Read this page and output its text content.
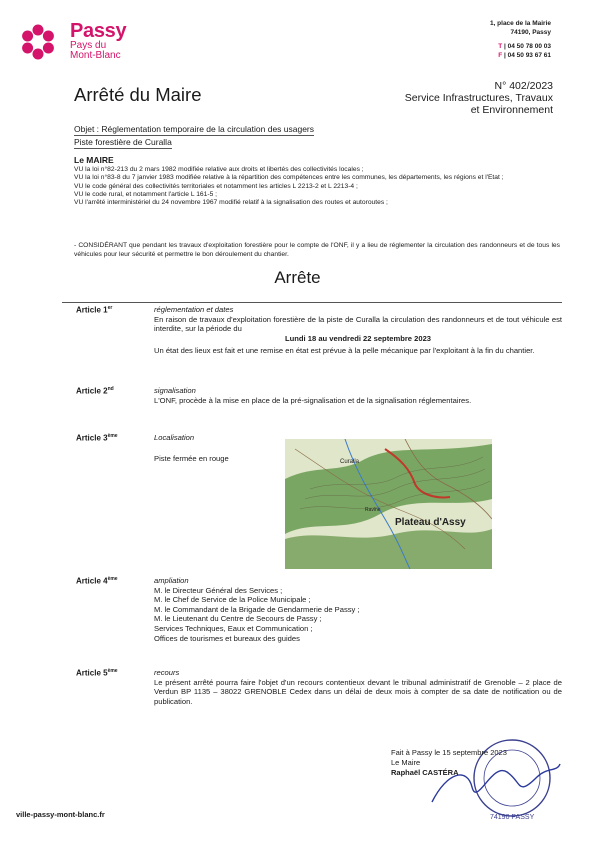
Passy
Pays du
Mont-Blanc
1, place de la Mairie
74190, Passy
T | 04 50 78 00 03
F | 04 50 93 67 61
Arrêté du Maire	N° 402/2023
Service Infrastructures, Travaux
et Environnement
Objet : Réglementation temporaire de la circulation des usagers
Piste forestière de Curalla
Le MAIRE
VU la loi n°82-213 du 2 mars 1982 modifiée relative aux droits et libertés des collectivités locales ;
VU la loi n°83-8 du 7 janvier 1983 modifiée relative à la répartition des compétences entre les communes, les départements, les régions et l'Etat ;
VU le code général des collectivités territoriales et notamment les articles L 2213-2 et L 2213-4 ;
VU le code rural, et notamment l'article L 161-5 ;
VU l'arrêté interministériel du 24 novembre 1967 modifié relatif à la signalisation des routes et autoroutes ;
- CONSIDÉRANT que pendant les travaux d'exploitation forestière pour le compte de l'ONF, il y a lieu de réglementer la circulation des randonneurs et de tous les véhicules pour leur sécurité et permettre le bon déroulement du chantier.
Arrête
Article 1er	réglementation et dates
En raison de travaux d'exploitation forestière de la piste de Curalla la circulation des randonneurs et de tout véhicule est interdite, sur la période du
Lundi 18 au vendredi 22 septembre 2023
Un état des lieux est fait et une remise en état est prévue à la pelle mécanique par l'exploitant à la fin du chantier.
Article 2nd	signalisation
L'ONF, procède à la mise en place de la pré-signalisation et de la signalisation réglementaires.
Article 3ème	Localisation
Piste fermée en rouge
Plateau d'Assy
Curalla
Ravine
Article 4ème	ampliation
M. le Directeur Général des Services ;
M. le Chef de Service de la Police Municipale ;
M. le Commandant de la Brigade de Gendarmerie de Passy ;
M. le Lieutenant du Centre de Secours de Passy ;
Services Techniques, Eaux et Communication ;
Offices de tourismes et bureaux des guides
Article 5ème	recours
Le présent arrêté pourra faire l'objet d'un recours contentieux devant le tribunal administratif de Grenoble – 2 place de Verdun BP 1135 – 38022 GRENOBLE Cedex dans un délai de deux mois à compter de sa date de notification ou de publication.
74190 PASSY
Fait à Passy le 15 septembre 2023
Le Maire
Raphaël CASTÉRA
ville-passy-mont-blanc.fr
